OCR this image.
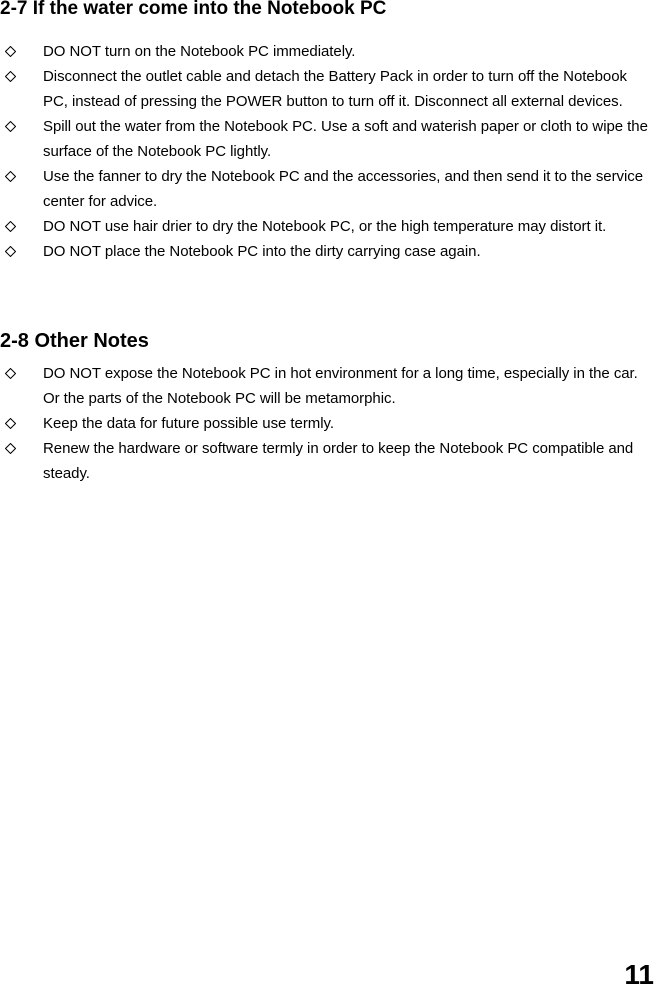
2-7 If the water come into the Notebook PC
DO NOT turn on the Notebook PC immediately.
Disconnect the outlet cable and detach the Battery Pack in order to turn off the Notebook PC, instead of pressing the POWER button to turn off it. Disconnect all external devices.
Spill out the water from the Notebook PC. Use a soft and waterish paper or cloth to wipe the surface of the Notebook PC lightly.
Use the fanner to dry the Notebook PC and the accessories, and then send it to the service center for advice.
DO NOT use hair drier to dry the Notebook PC, or the high temperature may distort it.
DO NOT place the Notebook PC into the dirty carrying case again.
2-8 Other Notes
DO NOT expose the Notebook PC in hot environment for a long time, especially in the car. Or the parts of the Notebook PC will be metamorphic.
Keep the data for future possible use termly.
Renew the hardware or software termly in order to keep the Notebook PC compatible and steady.

11
